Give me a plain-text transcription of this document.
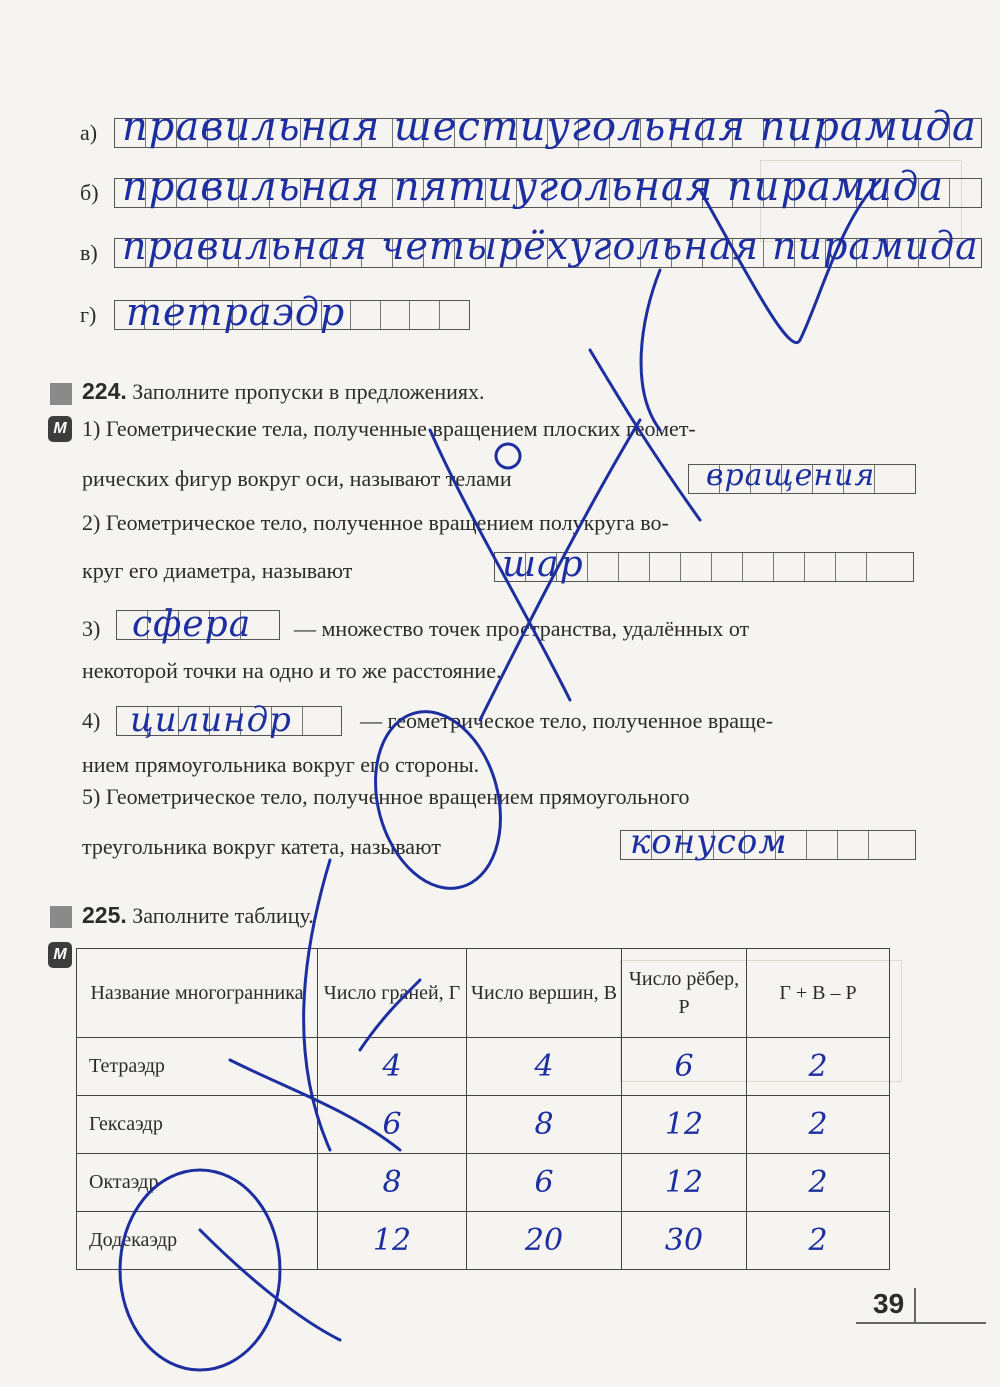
а) правильная шестиугольная пирамида
б) правильная пятиугольная пирамида
в) правильная четырёхугольная пирамида
г) тетраэдр
224. Заполните пропуски в предложениях.
М 1) Геометрические тела, полученные вращением плоских геомет-
рических фигур вокруг оси, называют телами	вращения
2) Геометрическое тело, полученное вращением полукруга во-
круг его диаметра, называют	шар
3) сфера — множество точек пространства, удалённых от
некоторой точки на одно и то же расстояние.
4) цилиндр	— геометрическое тело, полученное враще-
нием прямоугольника вокруг его стороны.
5) Геометрическое тело, полученное вращением прямоугольного
треугольника вокруг катета, называют	конусом
225. Заполните таблицу.
М
Название многогранника	Число граней, Г	Число вершин, В	Число рёбер, Р	Г + В – Р
Тетраэдр	4	4	6	2
Гексаэдр	6	8	12	2
Октаэдр	8	6	12	2
Додекаэдр	12	20	30	2
39
